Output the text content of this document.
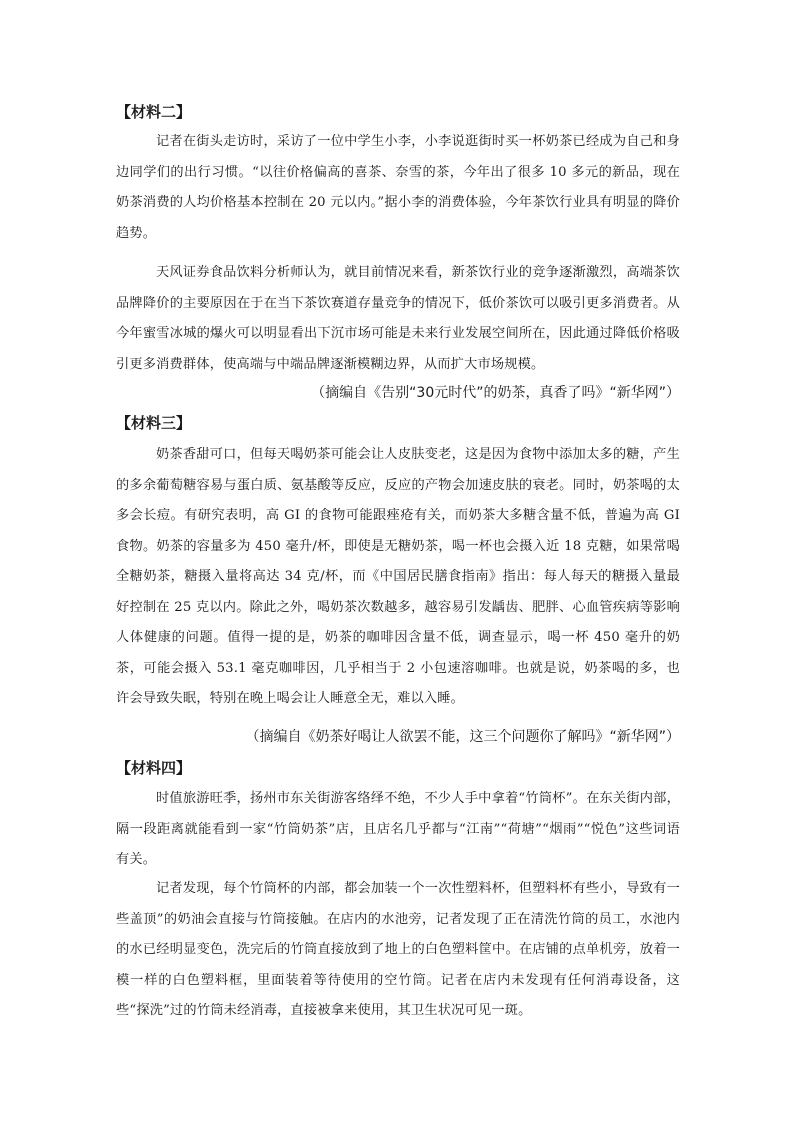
【材料二】

记者在街头走访时，采访了一位中学生小李，小李说逛街时买一杯奶茶已经成为自己和身边同学们的出行习惯。“以往价格偏高的喜茶、奈雪的茶，今年出了很多 10 多元的新品，现在奶茶消费的人均价格基本控制在 20 元以内。”据小李的消费体验，今年茶饮行业具有明显的降价趋势。

天风证券食品饮料分析师认为，就目前情况来看，新茶饮行业的竞争逐渐激烈，高端茶饮品牌降价的主要原因在于在当下茶饮赛道存量竞争的情况下，低价茶饮可以吸引更多消费者。从今年蜜雪冰城的爆火可以明显看出下沉市场可能是未来行业发展空间所在，因此通过降低价格吸引更多消费群体，使高端与中端品牌逐渐模糊边界，从而扩大市场规模。

（摘编自《告别“30元时代”的奶茶，真香了吗》“新华网”）
【材料三】

奶茶香甜可口，但每天喝奶茶可能会让人皮肤变老，这是因为食物中添加太多的糖，产生的多余葡萄糖容易与蛋白质、氨基酸等反应，反应的产物会加速皮肤的衰老。同时，奶茶喝的太多会长痘。有研究表明，高 GI 的食物可能跟痤疮有关，而奶茶大多糖含量不低，普遍为高 GI 食物。奶茶的容量多为 450 毫升/杯，即使是无糖奶茶，喝一杯也会摄入近 18 克糖，如果常喝全糖奶茶，糖摄入量将高达 34 克/杯，而《中国居民膳食指南》指出：每人每天的糖摄入量最好控制在 25 克以内。除此之外，喝奶茶次数越多，越容易引发龋齿、肥胖、心血管疾病等影响人体健康的问题。值得一提的是，奶茶的咖啡因含量不低，调查显示，喝一杯 450 毫升的奶茶，可能会摄入 53.1 毫克咖啡因，几乎相当于 2 小包速溶咖啡。也就是说，奶茶喝的多，也许会导致失眠，特别在晚上喝会让人睡意全无，难以入睡。

（摘编自《奶茶好喝让人欲罢不能，这三个问题你了解吗》“新华网”）
【材料四】

时值旅游旺季，扬州市东关街游客络绎不绝，不少人手中拿着“竹筒杯”。在东关街内部，隔一段距离就能看到一家“竹筒奶茶”店，且店名几乎都与“江南”“荷塘”“烟雨”“悦色”这些词语有关。

记者发现，每个竹筒杯的内部，都会加装一个一次性塑料杯，但塑料杯有些小，导致有一些盖顶”的奶油会直接与竹筒接触。在店内的水池旁，记者发现了正在清洗竹筒的员工，水池内的水已经明显变色，洗完后的竹筒直接放到了地上的白色塑料筐中。在店铺的点单机旁，放着一模一样的白色塑料框，里面装着等待使用的空竹筒。记者在店内未发现有任何消毒设备，这些“探洗”过的竹筒未经消毒，直接被拿来使用，其卫生状况可见一斑。
